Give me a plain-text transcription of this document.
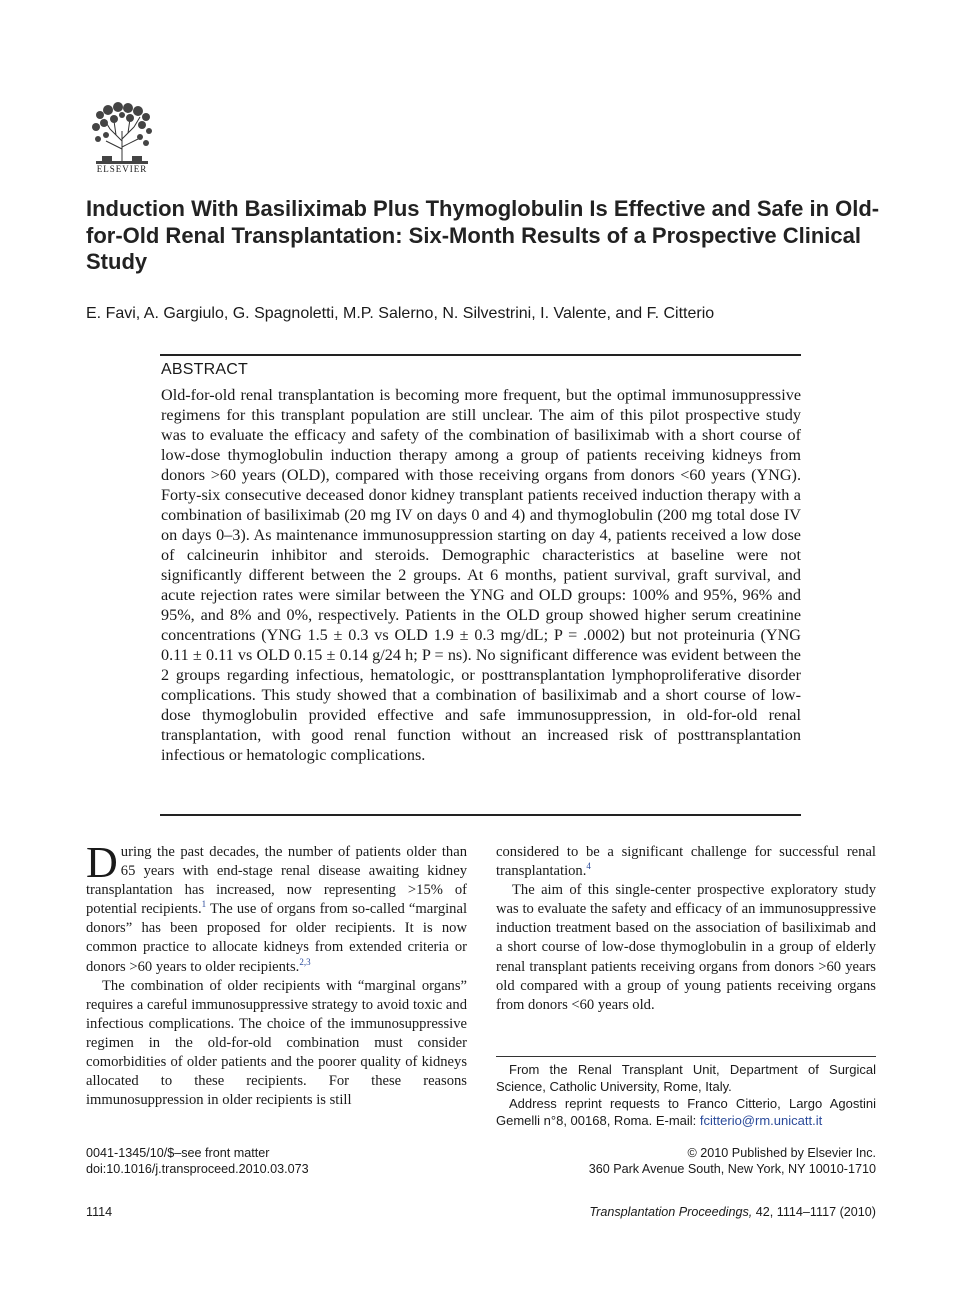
ELSEVIER
Induction With Basiliximab Plus Thymoglobulin Is Effective and Safe in Old-for-Old Renal Transplantation: Six-Month Results of a Prospective Clinical Study
E. Favi, A. Gargiulo, G. Spagnoletti, M.P. Salerno, N. Silvestrini, I. Valente, and F. Citterio
ABSTRACT

Old-for-old renal transplantation is becoming more frequent, but the optimal immunosuppressive regimens for this transplant population are still unclear. The aim of this pilot prospective study was to evaluate the efficacy and safety of the combination of basiliximab with a short course of low-dose thymoglobulin induction therapy among a group of patients receiving kidneys from donors >60 years (OLD), compared with those receiving organs from donors <60 years (YNG). Forty-six consecutive deceased donor kidney transplant patients received induction therapy with a combination of basiliximab (20 mg IV on days 0 and 4) and thymoglobulin (200 mg total dose IV on days 0–3). As maintenance immunosuppression starting on day 4, patients received a low dose of calcineurin inhibitor and steroids. Demographic characteristics at baseline were not significantly different between the 2 groups. At 6 months, patient survival, graft survival, and acute rejection rates were similar between the YNG and OLD groups: 100% and 95%, 96% and 95%, and 8% and 0%, respectively. Patients in the OLD group showed higher serum creatinine concentrations (YNG 1.5 ± 0.3 vs OLD 1.9 ± 0.3 mg/dL; P = .0002) but not proteinuria (YNG 0.11 ± 0.11 vs OLD 0.15 ± 0.14 g/24 h; P = ns). No significant difference was evident between the 2 groups regarding infectious, hematologic, or posttransplantation lymphoproliferative disorder complications. This study showed that a combination of basiliximab and a short course of low-dose thymoglobulin provided effective and safe immunosuppression, in old-for-old renal transplantation, with good renal function without an increased risk of posttransplantation infectious or hematologic complications.

During the past decades, the number of patients older than 65 years with end-stage renal disease awaiting kidney transplantation has increased, now representing >15% of potential recipients.$^1$ The use of organs from so-called “marginal donors” has been proposed for older recipients. It is now common practice to allocate kidneys from extended criteria or donors >60 years to older recipients.$^{2,3}$

The combination of older recipients with “marginal organs” requires a careful immunosuppressive strategy to avoid toxic and infectious complications. The choice of the immunosuppressive regimen in the old-for-old combination must consider comorbidities of older patients and the poorer quality of kidneys allocated to these recipients. For these reasons immunosuppression in older recipients is still

considered to be a significant challenge for successful renal transplantation.$^4$

The aim of this single-center prospective exploratory study was to evaluate the safety and efficacy of an immunosuppressive induction treatment based on the association of basiliximab and a short course of low-dose thymoglobulin in a group of elderly renal transplant patients receiving organs from donors >60 years old compared with a group of young patients receiving organs from donors <60 years old.

From the Renal Transplant Unit, Department of Surgical Science, Catholic University, Rome, Italy.

Address reprint requests to Franco Citterio, Largo Agostini Gemelli n°8, 00168, Roma. E-mail: fcitterio@rm.unicatt.it

0041-1345/10/$–see front matter
doi:10.1016/j.transproceed.2010.03.073
© 2010 Published by Elsevier Inc.
360 Park Avenue South, New York, NY 10010-1710
1114	Transplantation Proceedings, 42, 1114–1117 (2010)
